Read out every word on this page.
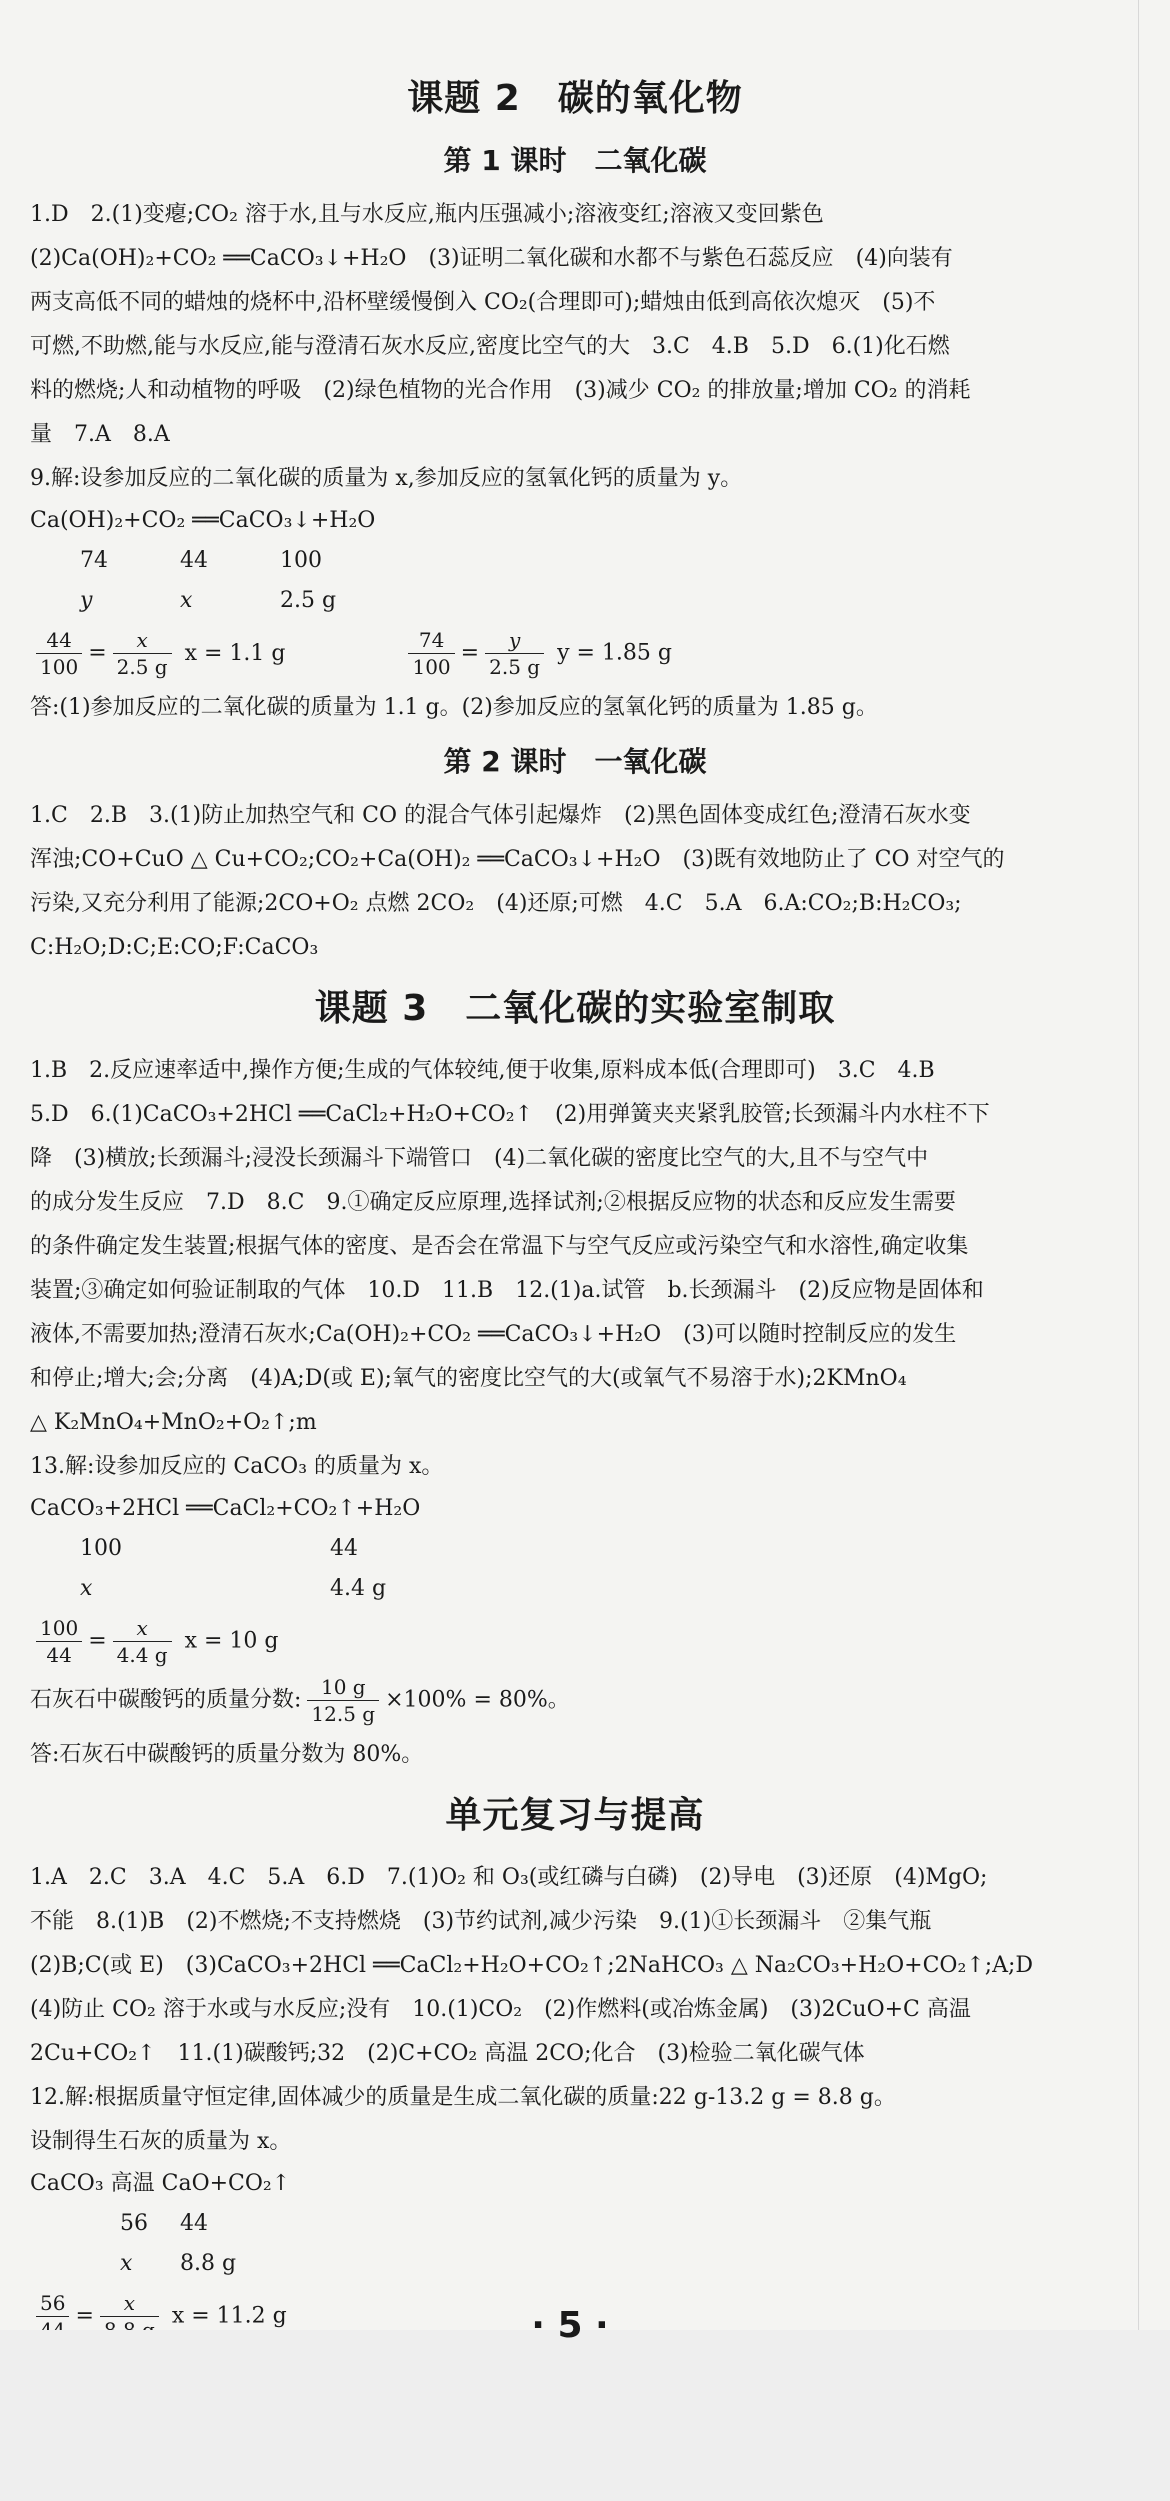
课题 2　碳的氧化物
第 1 课时　二氧化碳

1.D　2.(1)变瘪;CO₂ 溶于水,且与水反应,瓶内压强减小;溶液变红;溶液又变回紫色

(2)Ca(OH)₂+CO₂ ══CaCO₃↓+H₂O　(3)证明二氧化碳和水都不与紫色石蕊反应　(4)向装有

两支高低不同的蜡烛的烧杯中,沿杯壁缓慢倒入 CO₂(合理即可);蜡烛由低到高依次熄灭　(5)不

可燃,不助燃,能与水反应,能与澄清石灰水反应,密度比空气的大　3.C　4.B　5.D　6.(1)化石燃

料的燃烧;人和动植物的呼吸　(2)绿色植物的光合作用　(3)减少 CO₂ 的排放量;增加 CO₂ 的消耗

量　7.A　8.A

9.解:设参加反应的二氧化碳的质量为 x,参加反应的氢氧化钙的质量为 y。

Ca(OH)₂+CO₂ ══CaCO₃↓+H₂O

74	44	100

y	x	2.5 g

$\frac{44}{100} = \frac{x}{2.5 g}$ x = 1.1 g	$\frac{74}{100} = \frac{y}{2.5 g}$ y = 1.85 g

答:(1)参加反应的二氧化碳的质量为 1.1 g。(2)参加反应的氢氧化钙的质量为 1.85 g。

第 2 课时　一氧化碳

1.C　2.B　3.(1)防止加热空气和 CO 的混合气体引起爆炸　(2)黑色固体变成红色;澄清石灰水变

浑浊;CO+CuO △ Cu+CO₂;CO₂+Ca(OH)₂ ══CaCO₃↓+H₂O　(3)既有效地防止了 CO 对空气的

污染,又充分利用了能源;2CO+O₂ 点燃 2CO₂　(4)还原;可燃　4.C　5.A　6.A:CO₂;B:H₂CO₃;

C:H₂O;D:C;E:CO;F:CaCO₃

课题 3　二氧化碳的实验室制取

1.B　2.反应速率适中,操作方便;生成的气体较纯,便于收集,原料成本低(合理即可)　3.C　4.B

5.D　6.(1)CaCO₃+2HCl ══CaCl₂+H₂O+CO₂↑　(2)用弹簧夹夹紧乳胶管;长颈漏斗内水柱不下

降　(3)横放;长颈漏斗;浸没长颈漏斗下端管口　(4)二氧化碳的密度比空气的大,且不与空气中

的成分发生反应　7.D　8.C　9.①确定反应原理,选择试剂;②根据反应物的状态和反应发生需要

的条件确定发生装置;根据气体的密度、是否会在常温下与空气反应或污染空气和水溶性,确定收集

装置;③确定如何验证制取的气体　10.D　11.B　12.(1)a.试管　b.长颈漏斗　(2)反应物是固体和

液体,不需要加热;澄清石灰水;Ca(OH)₂+CO₂ ══CaCO₃↓+H₂O　(3)可以随时控制反应的发生

和停止;增大;会;分离　(4)A;D(或 E);氧气的密度比空气的大(或氧气不易溶于水);2KMnO₄

△ K₂MnO₄+MnO₂+O₂↑;m

13.解:设参加反应的 CaCO₃ 的质量为 x。

CaCO₃+2HCl ══CaCl₂+CO₂↑+H₂O

100	44

x	4.4 g

$\frac{100}{44} = \frac{x}{4.4 g}$ x = 10 g

石灰石中碳酸钙的质量分数: $\frac{10 g}{12.5 g} \times 100\% = 80\%$。

答:石灰石中碳酸钙的质量分数为 80%。

单元复习与提高

1.A　2.C　3.A　4.C　5.A　6.D　7.(1)O₂ 和 O₃(或红磷与白磷)　(2)导电　(3)还原　(4)MgO;

不能　8.(1)B　(2)不燃烧;不支持燃烧　(3)节约试剂,减少污染　9.(1)①长颈漏斗　②集气瓶

(2)B;C(或 E)　(3)CaCO₃+2HCl ══CaCl₂+H₂O+CO₂↑;2NaHCO₃ △ Na₂CO₃+H₂O+CO₂↑;A;D

(4)防止 CO₂ 溶于水或与水反应;没有　10.(1)CO₂　(2)作燃料(或冶炼金属)　(3)2CuO+C 高温

2Cu+CO₂↑　11.(1)碳酸钙;32　(2)C+CO₂ 高温 2CO;化合　(3)检验二氧化碳气体

12.解:根据质量守恒定律,固体减少的质量是生成二氧化碳的质量:22 g-13.2 g = 8.8 g。

设制得生石灰的质量为 x。

CaCO₃ 高温 CaO+CO₂↑

56 44

x 8.8 g

56
=
x
x = 11.2 g	· 5 ·
